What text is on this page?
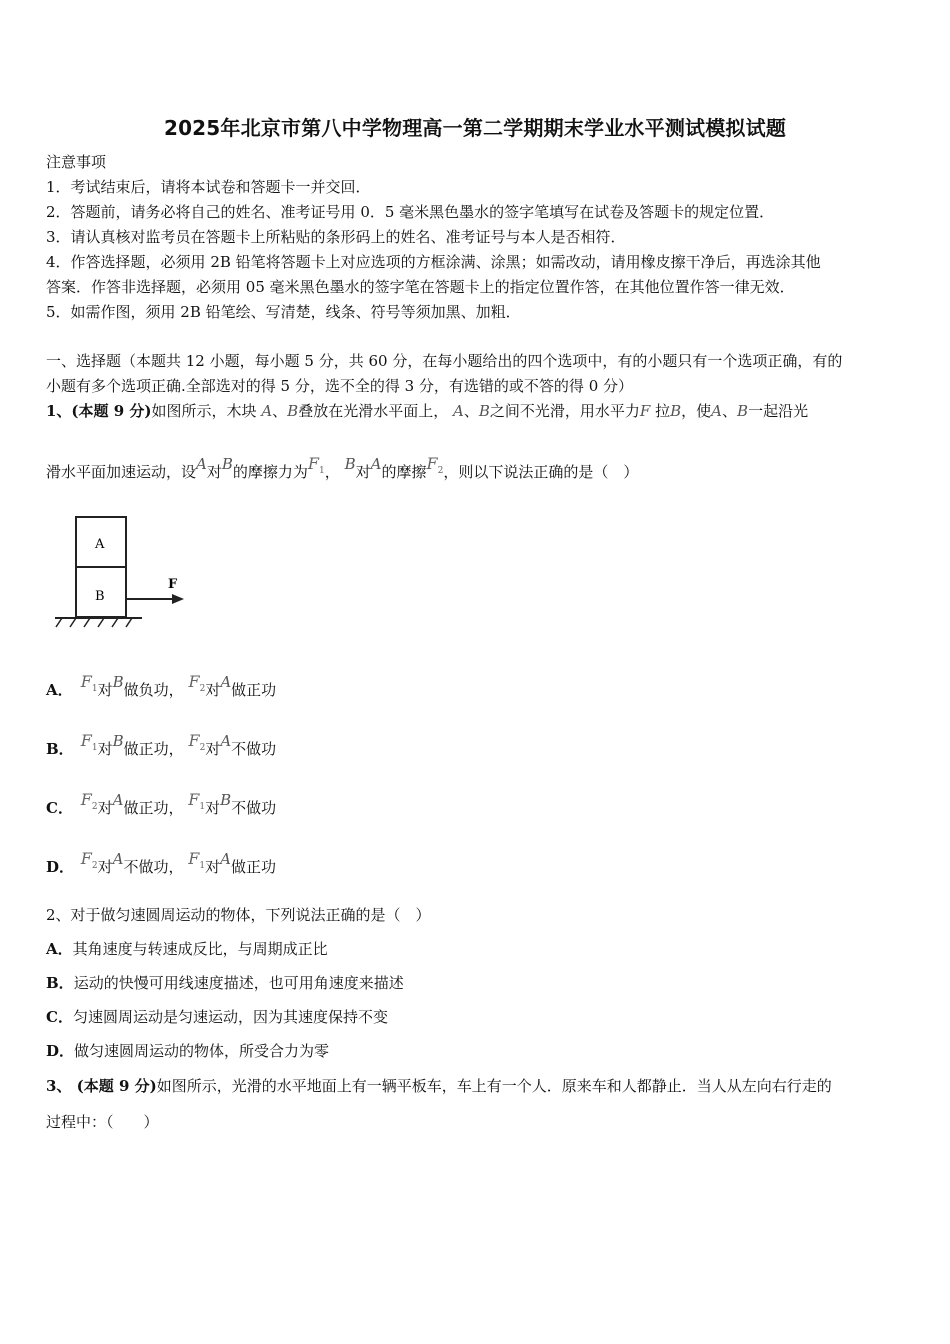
2025年北京市第八中学物理高一第二学期期末学业水平测试模拟试题
注意事项
1．考试结束后，请将本试卷和答题卡一并交回．
2．答题前，请务必将自己的姓名、准考证号用 0．5 毫米黑色墨水的签字笔填写在试卷及答题卡的规定位置．
3．请认真核对监考员在答题卡上所粘贴的条形码上的姓名、准考证号与本人是否相符．
4．作答选择题，必须用 2B 铅笔将答题卡上对应选项的方框涂满、涂黑；如需改动，请用橡皮擦干净后，再选涂其他
答案．作答非选择题，必须用 05 毫米黑色墨水的签字笔在答题卡上的指定位置作答，在其他位置作答一律无效．
5．如需作图，须用 2B 铅笔绘、写清楚，线条、符号等须加黑、加粗．
一、选择题（本题共 12 小题，每小题 5 分，共 60 分，在每小题给出的四个选项中，有的小题只有一个选项正确，有的
小题有多个选项正确.全部选对的得 5 分，选不全的得 3 分，有选错的或不答的得 0 分）
1、(本题 9 分)如图所示，木块 A、B叠放在光滑水平面上， A、B之间不光滑，用水平力F 拉B，使A、B一起沿光
滑水平面加速运动，设A对B的摩擦力为$F_1$， B对A的摩擦$F_2$，则以下说法正确的是（　）
A
B
F
A． $F_1$对B做负功， $F_2$对A做正功
B． $F_1$对B做正功， $F_2$对A不做功
C． $F_2$对A做正功， $F_1$对B不做功
D． $F_2$对A不做功， $F_1$对A做正功
2、对于做匀速圆周运动的物体，下列说法正确的是（　）
A．其角速度与转速成反比，与周期成正比
B．运动的快慢可用线速度描述，也可用角速度来描述
C．匀速圆周运动是匀速运动，因为其速度保持不变
D．做匀速圆周运动的物体，所受合力为零
3、 (本题 9 分)如图所示，光滑的水平地面上有一辆平板车，车上有一个人．原来车和人都静止．当人从左向右行走的
过程中：（　　）
